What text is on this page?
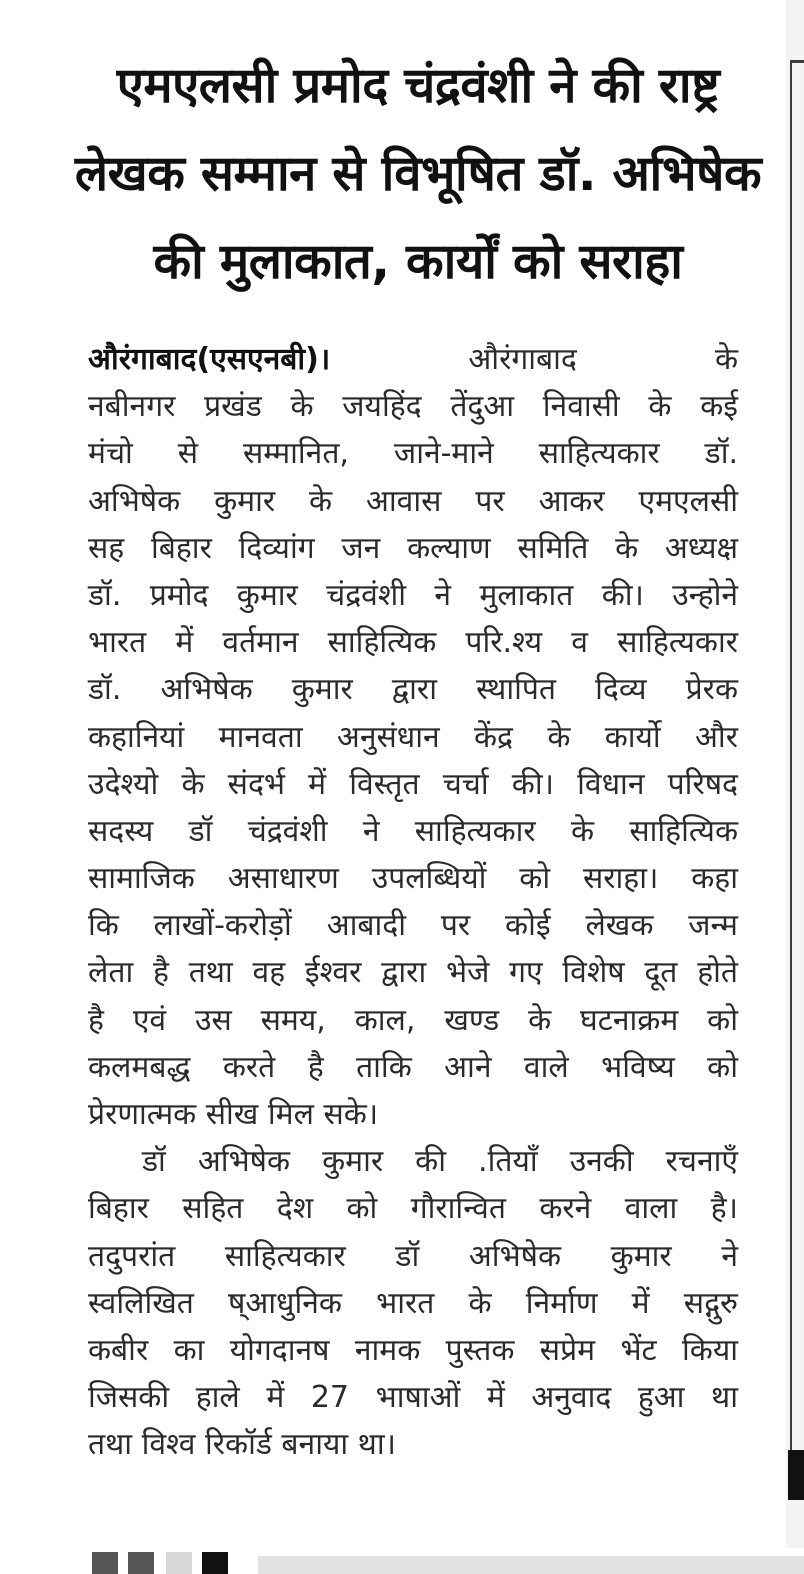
एमएलसी प्रमोद चंद्रवंशी ने की राष्ट्र
लेखक सम्मान से विभूषित डॉ. अभिषेक
की मुलाकात, कार्यों को सराहा
औरंगाबाद(एसएनबी)।	औरंगाबाद के
नबीनगर प्रखंड के जयहिंद तेंदुआ निवासी के कई
मंचो से सम्मानित, जाने-माने साहित्यकार डॉ.
अभिषेक कुमार के आवास पर आकर एमएलसी
सह बिहार दिव्यांग जन कल्याण समिति के अध्यक्ष
डॉ. प्रमोद कुमार चंद्रवंशी ने मुलाकात की। उन्होने
भारत में वर्तमान साहित्यिक परि.श्य व साहित्यकार
डॉ. अभिषेक कुमार द्वारा स्थापित दिव्य प्रेरक
कहानियां मानवता अनुसंधान केंद्र के कार्यो और
उदेश्यो के संदर्भ में विस्तृत चर्चा की। विधान परिषद
सदस्य डॉ चंद्रवंशी ने साहित्यकार के साहित्यिक
सामाजिक असाधारण उपलब्धियों को सराहा। कहा
कि लाखों-करोड़ों आबादी पर कोई लेखक जन्म
लेता है तथा वह ईश्वर द्वारा भेजे गए विशेष दूत होते
है एवं उस समय, काल, खण्ड के घटनाक्रम को
कलमबद्ध करते है ताकि आने वाले भविष्य को
प्रेरणात्मक सीख मिल सके।
डॉ अभिषेक कुमार की .तियाँ उनकी रचनाएँ
बिहार सहित देश को गौरान्वित करने वाला है।
तदुपरांत साहित्यकार डॉ अभिषेक कुमार ने
स्वलिखित ष्आधुनिक भारत के निर्माण में सद्गुरु
कबीर का योगदानष नामक पुस्तक सप्रेम भेंट किया
जिसकी हाले में 27 भाषाओं में अनुवाद हुआ था
तथा विश्व रिकॉर्ड बनाया था।
